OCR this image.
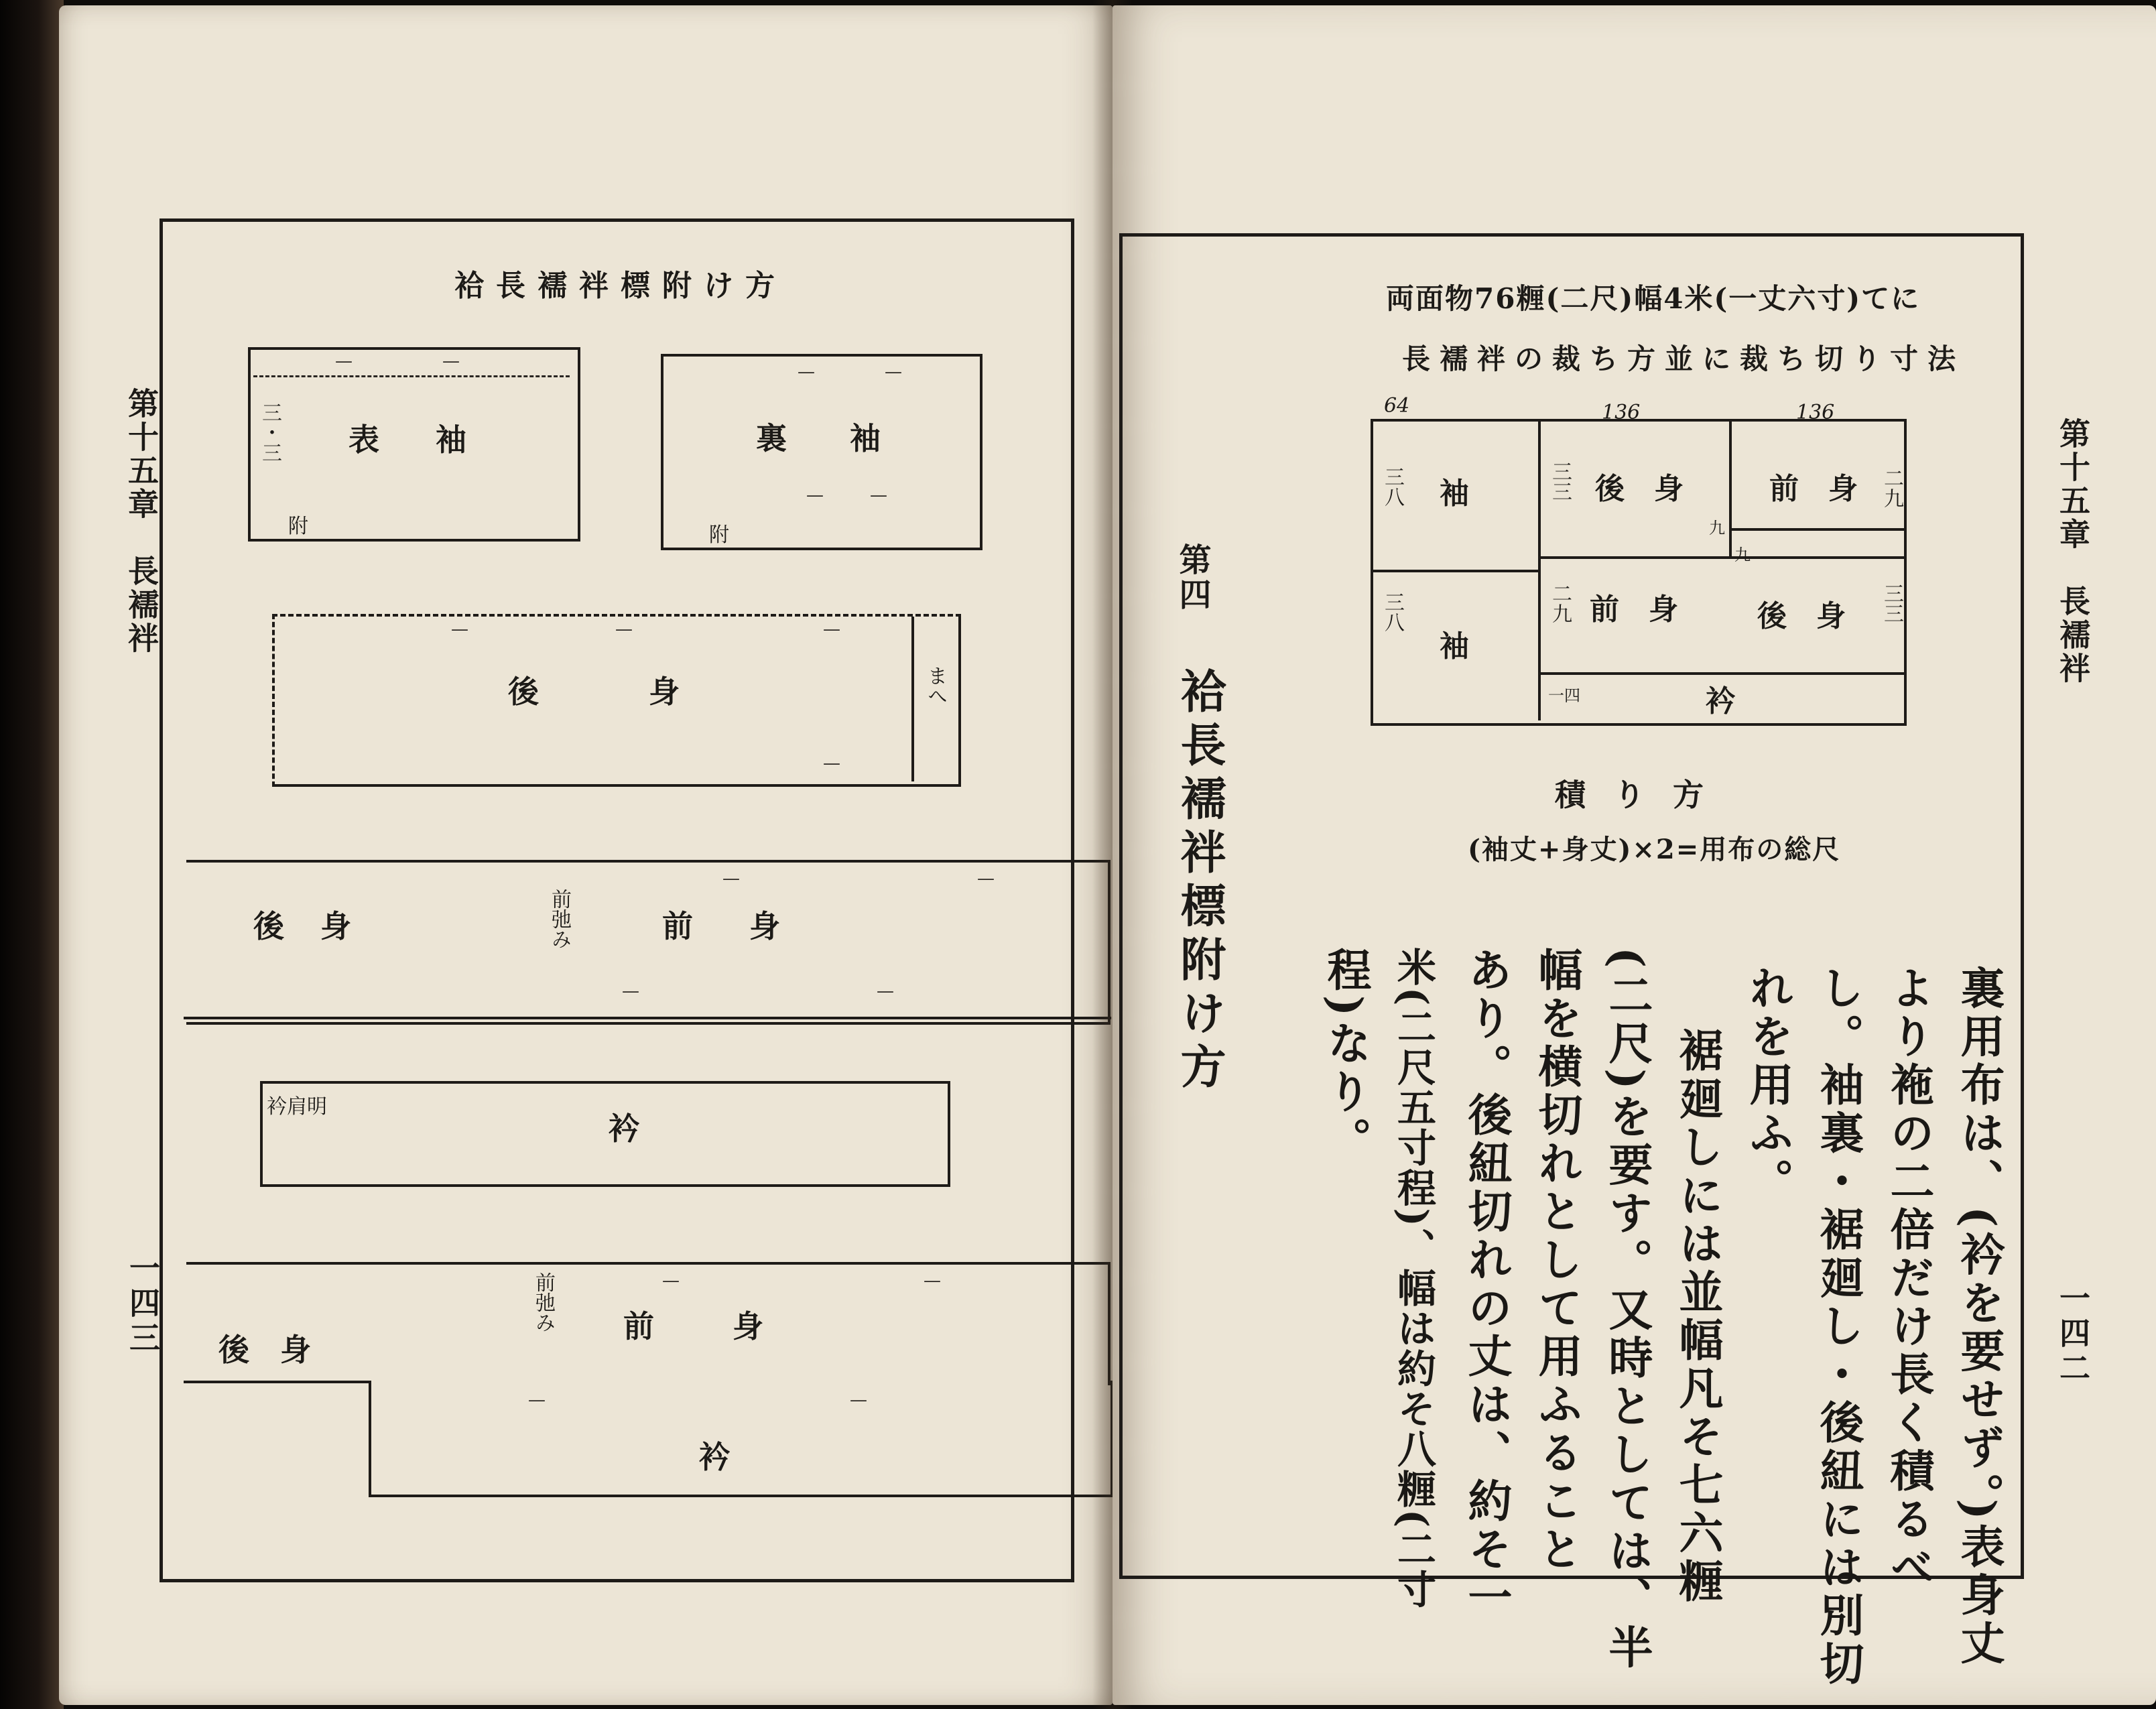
第十五章　長襦袢
一四三
袷長襦袢標附け方
表 袖
附
三・三	裏 袖
附
後	身	まへ
後 身	前弛み	前 身
衿肩明
衿
後 身
前弛み 前	身
衿
—	—
—	—
—	—
—	—	—
—
—	—
—	—
—	—
—	—
第十五章　長襦袢
一四二
第四
袷長襦袢標附け方
両面物76糎(二尺)幅4米(一丈六寸)てに
長襦袢の裁ち方並に裁ち切り寸法
64	136	136
袖
袖
三八
三八
後　身	前　身
前　身	後　身
衿
二九
二九
三三
三三
九
九
一四
積り方
(袖丈+身丈)×2=用布の総尺
裏用布は、(衿を要せず。)表身丈
より袘の二倍だけ長く積るべ
し。袖裏・裾廻し・後紐には別切
れを用ふ。
裾廻しには並幅凡そ七六糎
(二尺)を要す。又時としては、半
幅を横切れとして用ふること
あり。後紐切れの丈は、約そ一
米(二尺五寸程)、幅は約そ八糎(二寸
程)なり。
